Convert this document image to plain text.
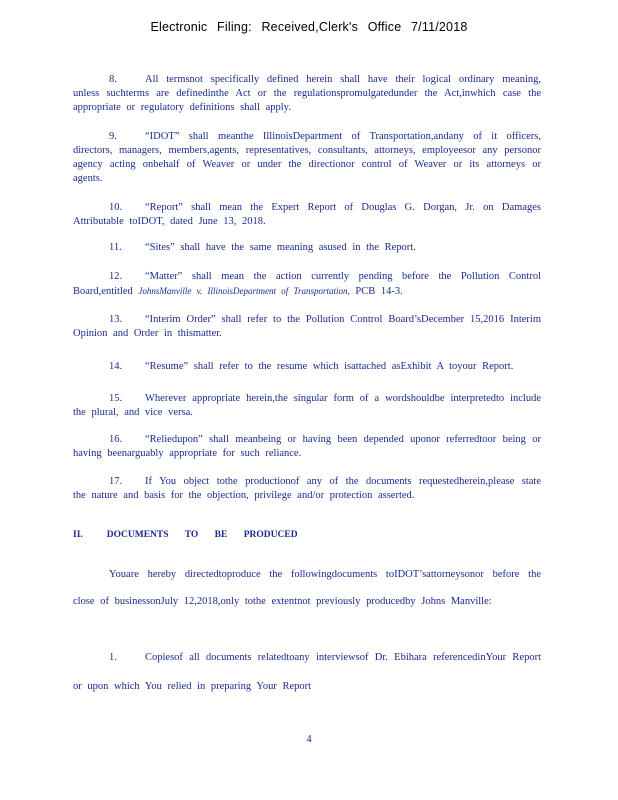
Electronic Filing: Received,Clerk's Office 7/11/2018
8.	All termsnot specifically defined herein shall have their logical ordinary meaning, unless suchterms are definedinthe Act or the regulationspromulgatedunder the Act,inwhich case the appropriate or regulatory definitions shall apply.
9.	“IDOT” shall meanthe IllinoisDepartment of Transportation,andany of it officers, directors, managers, members,agents, representatives, consultants, attorneys, employeesor any personor agency acting onbehalf of Weaver or under the directionor control of Weaver or its attorneys or agents.
10. “Report” shall mean the Expert Report of Douglas G. Dorgan, Jr. on Damages Attributable toIDOT, dated June 13, 2018.
11. “Sites” shall have the same meaning asused in the Report.
12. “Matter” shall mean the action currently pending before the Pollution Control Board,entitled JohnsManville v. IllinoisDepartment of Transportation, PCB 14-3.
13. “Interim Order” shall refer to the Pollution Control Board’sDecember 15,2016 Interim Opinion and Order in thismatter.
14. “Resume” shall refer to the resume which isattached asExhibit A toyour Report.
15. Wherever appropriate herein,the singular form of a wordshouldbe interpretedto include the plural, and vice versa.
16. “Reliedupon” shall meanbeing or having been depended uponor referredtoor being or having beenarguably appropriate for such reliance.
17. If You object tothe productionof any of the documents requestedherein,please state the nature and basis for the objection, privilege and/or protection asserted.
II.	DOCUMENTS TO BE PRODUCED
Youare hereby directedtoproduce the followingdocuments toIDOT’sattorneysonor before the close of businessonJuly 12,2018,only tothe extentnot previously producedby Johns Manville:
1.	Copiesof all documents relatedtoany interviewsof Dr. Ebihara referencedinYour Report or upon which You relied in preparing Your Report
4
